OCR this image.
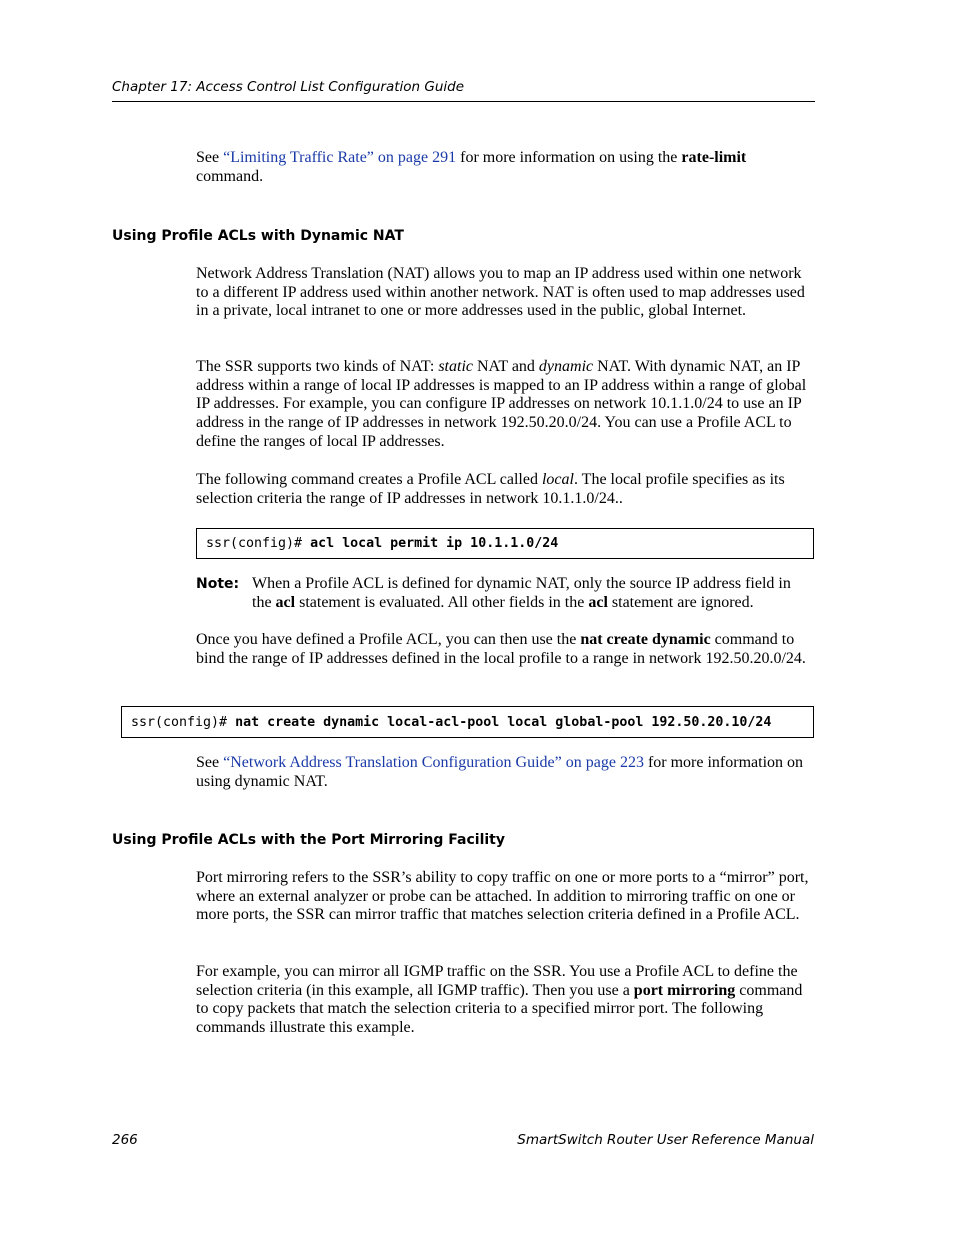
Chapter 17: Access Control List Configuration Guide
See “Limiting Traffic Rate” on page 291 for more information on using the rate-limit command.
Using Profile ACLs with Dynamic NAT
Network Address Translation (NAT) allows you to map an IP address used within one network to a different IP address used within another network. NAT is often used to map addresses used in a private, local intranet to one or more addresses used in the public, global Internet.
The SSR supports two kinds of NAT: static NAT and dynamic NAT. With dynamic NAT, an IP address within a range of local IP addresses is mapped to an IP address within a range of global IP addresses. For example, you can configure IP addresses on network 10.1.1.0/24 to use an IP address in the range of IP addresses in network 192.50.20.0/24. You can use a Profile ACL to define the ranges of local IP addresses.
The following command creates a Profile ACL called local. The local profile specifies as its selection criteria the range of IP addresses in network 10.1.1.0/24..
ssr(config)# acl local permit ip 10.1.1.0/24
Note: When a Profile ACL is defined for dynamic NAT, only the source IP address field in the acl statement is evaluated. All other fields in the acl statement are ignored.
Once you have defined a Profile ACL, you can then use the nat create dynamic command to bind the range of IP addresses defined in the local profile to a range in network 192.50.20.0/24.
ssr(config)# nat create dynamic local-acl-pool local global-pool 192.50.20.10/24
See “Network Address Translation Configuration Guide” on page 223 for more information on using dynamic NAT.
Using Profile ACLs with the Port Mirroring Facility
Port mirroring refers to the SSR’s ability to copy traffic on one or more ports to a “mirror” port, where an external analyzer or probe can be attached. In addition to mirroring traffic on one or more ports, the SSR can mirror traffic that matches selection criteria defined in a Profile ACL.
For example, you can mirror all IGMP traffic on the SSR. You use a Profile ACL to define the selection criteria (in this example, all IGMP traffic). Then you use a port mirroring command to copy packets that match the selection criteria to a specified mirror port. The following commands illustrate this example.
266	SmartSwitch Router User Reference Manual
